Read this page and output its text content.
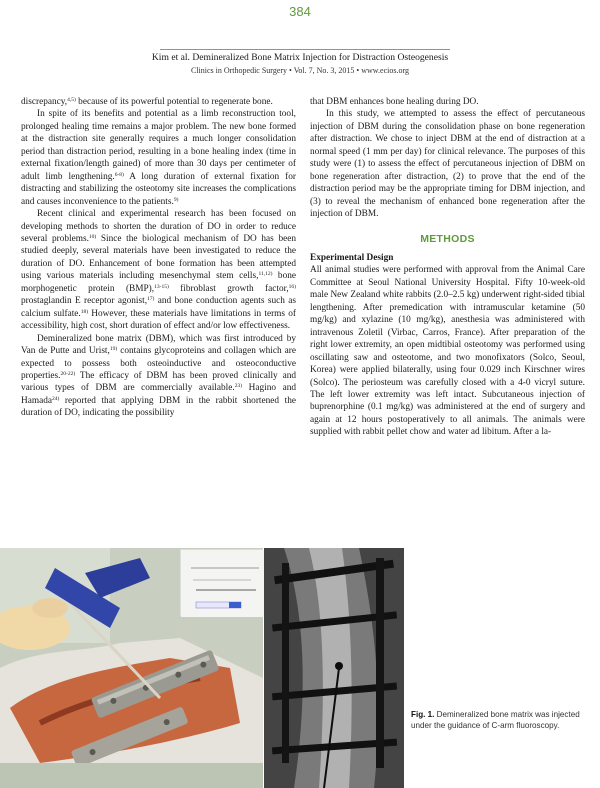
384
Kim et al. Demineralized Bone Matrix Injection for Distraction Osteogenesis
Clinics in Orthopedic Surgery • Vol. 7, No. 3, 2015 • www.ecios.org

discrepancy,$^{4,5)}$ because of its powerful potential to regenerate bone.

In spite of its benefits and potential as a limb reconstruction tool, prolonged healing time remains a major problem. The new bone formed at the distraction site generally requires a much longer consolidation period than distraction period, resulting in a bone healing index (time in external fixation/length gained) of more than 30 days per centimeter of adult limb lengthening.$^{6-8)}$ A long duration of external fixation for distracting and stabilizing the osteotomy site increases the complications and causes inconvenience to the patients.$^{9)}$

Recent clinical and experimental research has been focused on developing methods to shorten the duration of DO in order to reduce several problems.$^{10)}$ Since the biological mechanism of DO has been studied deeply, several materials have been investigated to reduce the duration of DO. Enhancement of bone formation has been attempted using various materials including mesenchymal stem cells,$^{11,12)}$ bone morphogenetic protein (BMP),$^{13-15)}$ fibroblast growth factor,$^{16)}$ prostaglandin E receptor agonist,$^{17)}$ and bone conduction agents such as calcium sulfate.$^{18)}$ However, these materials have limitations in terms of accessibility, high cost, short duration of effect and/or low effectiveness.

Demineralized bone matrix (DBM), which was first introduced by Van de Putte and Urist,$^{19)}$ contains glycoproteins and collagen which are expected to possess both osteoinductive and osteoconductive properties.$^{20-22)}$ The efficacy of DBM has been proved clinically and various types of DBM are commercially available.$^{23)}$ Hagino and Hamada$^{24)}$ reported that applying DBM in the rabbit shortened the duration of DO, indicating the possibility

that DBM enhances bone healing during DO.

In this study, we attempted to assess the effect of percutaneous injection of DBM during the consolidation phase on bone regeneration after distraction. We chose to inject DBM at the end of distraction at a normal speed (1 mm per day) for clinical relevance. The purposes of this study were (1) to assess the effect of percutaneous injection of DBM on bone regeneration after distraction, (2) to prove that the end of the distraction period may be the appropriate timing for DBM injection, and (3) to reveal the mechanism of enhanced bone regeneration after the injection of DBM.

METHODS

Experimental Design

All animal studies were performed with approval from the Animal Care Committee at Seoul National University Hospital. Fifty 10-week-old male New Zealand white rabbits (2.0–2.5 kg) underwent right-sided tibial lengthening. After premedication with intramuscular ketamine (50 mg/kg) and xylazine (10 mg/kg), anesthesia was administered with intravenous Zoletil (Virbac, Carros, France). After preparation of the right lower extremity, an open midtibial osteotomy was performed using oscillating saw and osteotome, and two monofixators (Solco, Seoul, Korea) were applied bilaterally, using four 0.029 inch Kirschner wires (Solco). The periosteum was carefully closed with a 4-0 vicryl suture. The left lower extremity was left intact. Subcutaneous injection of buprenorphine (0.1 mg/kg) was administered at the end of surgery and again at 12 hours postoperatively to all animals. The animals were supplied with rabbit pellet chow and water ad libitum. After a la-

Fig. 1. Demineralized bone matrix was injected under the guidance of C-arm fluoroscopy.
